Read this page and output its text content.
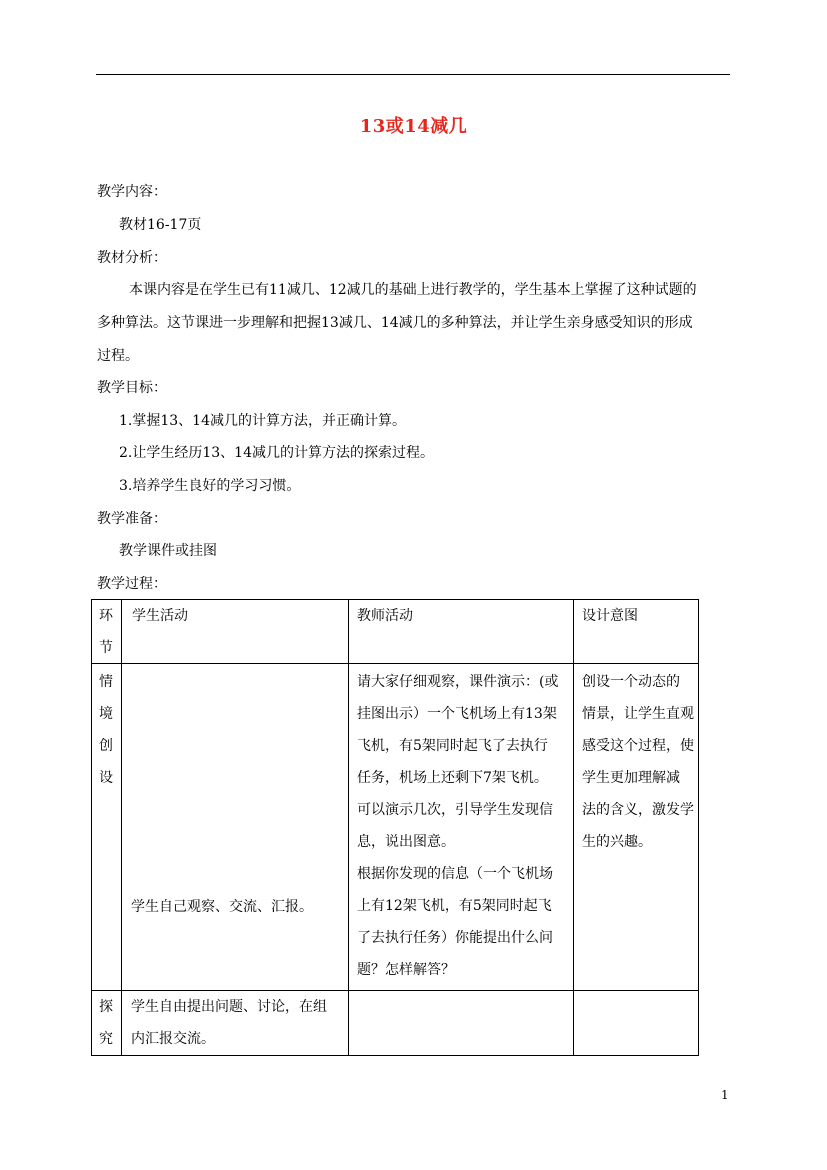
13或14减几
教学内容：
教材16-17页
教材分析：
本课内容是在学生已有11减几、12减几的基础上进行教学的，学生基本上掌握了这种试题的
多种算法。这节课进一步理解和把握13减几、14减几的多种算法，并让学生亲身感受知识的形成
过程。
教学目标：
1.掌握13、14减几的计算方法，并正确计算。
2.让学生经历13、14减几的计算方法的探索过程。
3.培养学生良好的学习习惯。
教学准备：
教学课件或挂图
教学过程：
环
节
学生活动	教师活动	设计意图
情
境
创
设
学生自己观察、交流、汇报。
请大家仔细观察，课件演示：(或
挂图出示）一个飞机场上有13架
飞机，有5架同时起飞了去执行
任务，机场上还剩下7架飞机。
可以演示几次，引导学生发现信
息，说出图意。
根据你发现的信息（一个飞机场
上有12架飞机，有5架同时起飞
了去执行任务）你能提出什么问
题？怎样解答？
创设一个动态的
情景，让学生直观
感受这个过程，使
学生更加理解减
法的含义，激发学
生的兴趣。
探
究
学生自由提出问题、讨论，在组
内汇报交流。
1
